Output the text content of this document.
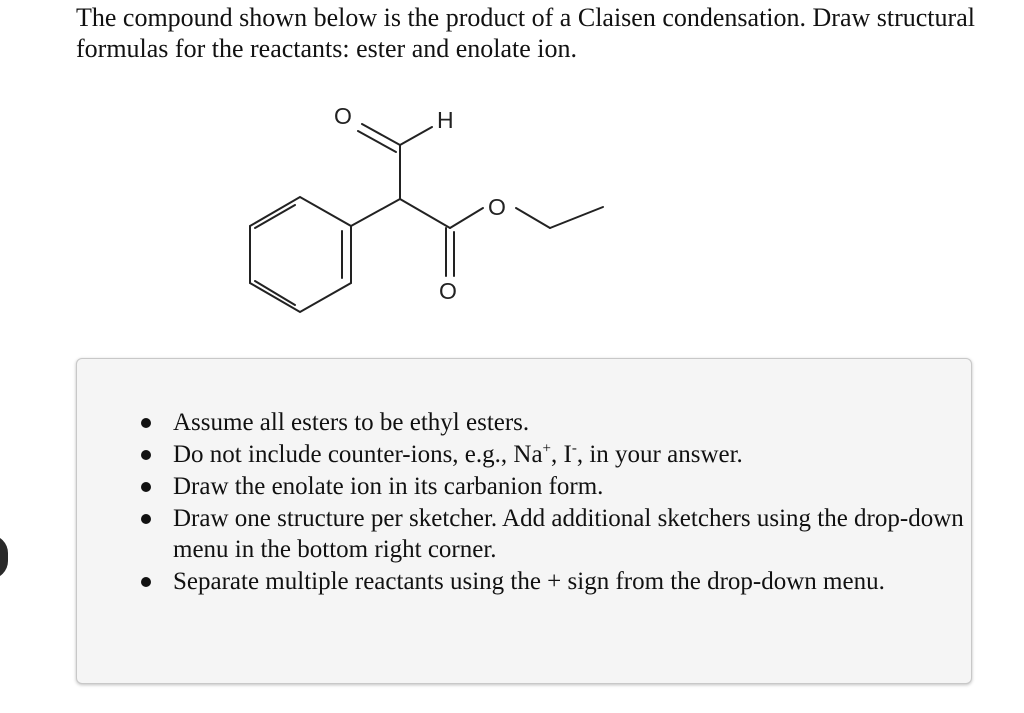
The compound shown below is the product of a Claisen condensation. Draw structural formulas for the reactants: ester and enolate ion.

O	H
O
O
Assume all esters to be ethyl esters.
Do not include counter-ions, e.g., Na+, I-, in your answer.
Draw the enolate ion in its carbanion form.
Draw one structure per sketcher. Add additional sketchers using the drop-down menu in the bottom right corner.
Separate multiple reactants using the + sign from the drop-down menu.
